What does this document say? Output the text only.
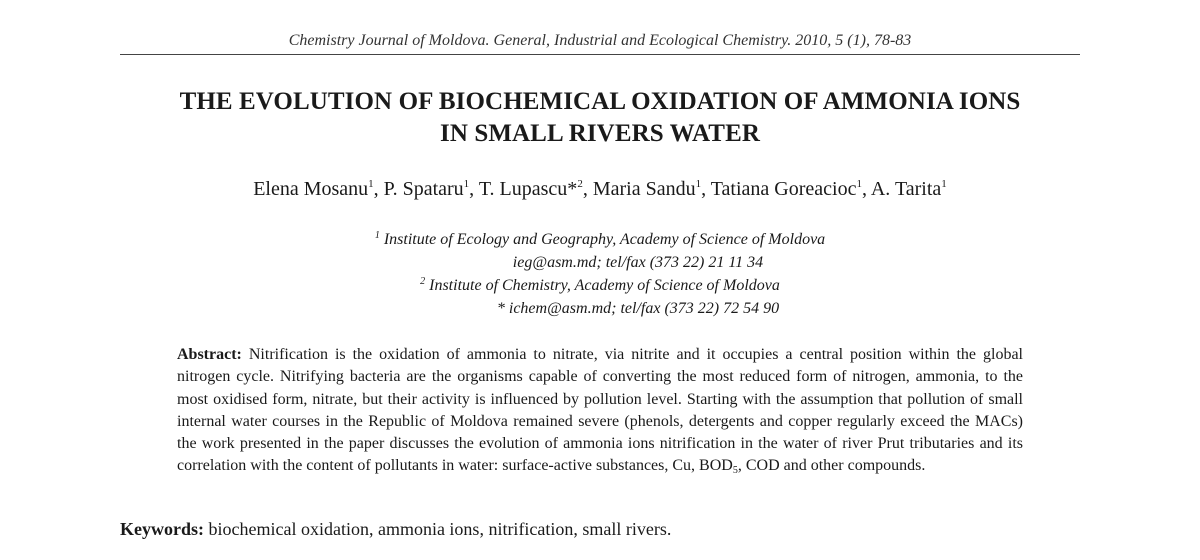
Chemistry Journal of Moldova. General, Industrial and Ecological Chemistry. 2010, 5 (1), 78-83
THE EVOLUTION OF BIOCHEMICAL OXIDATION OF AMMONIA IONS
IN SMALL RIVERS WATER
Elena Mosanu$^1$, P. Spataru$^1$, T. Lupascu*$^2$, Maria Sandu$^1$, Tatiana Goreacioc$^1$, A. Tarita$^1$
$^1$ Institute of Ecology and Geography, Academy of Science of Moldova
ieg@asm.md; tel/fax (373 22) 21 11 34
$^2$ Institute of Chemistry, Academy of Science of Moldova
* ichem@asm.md; tel/fax (373 22) 72 54 90
Abstract: Nitrification is the oxidation of ammonia to nitrate, via nitrite and it occupies a central position within the global nitrogen cycle. Nitrifying bacteria are the organisms capable of converting the most reduced form of nitrogen, ammonia, to the most oxidised form, nitrate, but their activity is influenced by pollution level. Starting with the assumption that pollution of small internal water courses in the Republic of Moldova remained severe (phenols, detergents and copper regularly exceed the MACs) the work presented in the paper discusses the evolution of ammonia ions nitrification in the water of river Prut tributaries and its correlation with the content of pollutants in water: surface-active substances, Cu, $BOD_5$, COD and other compounds.
Keywords: biochemical oxidation, ammonia ions, nitrification, small rivers.
